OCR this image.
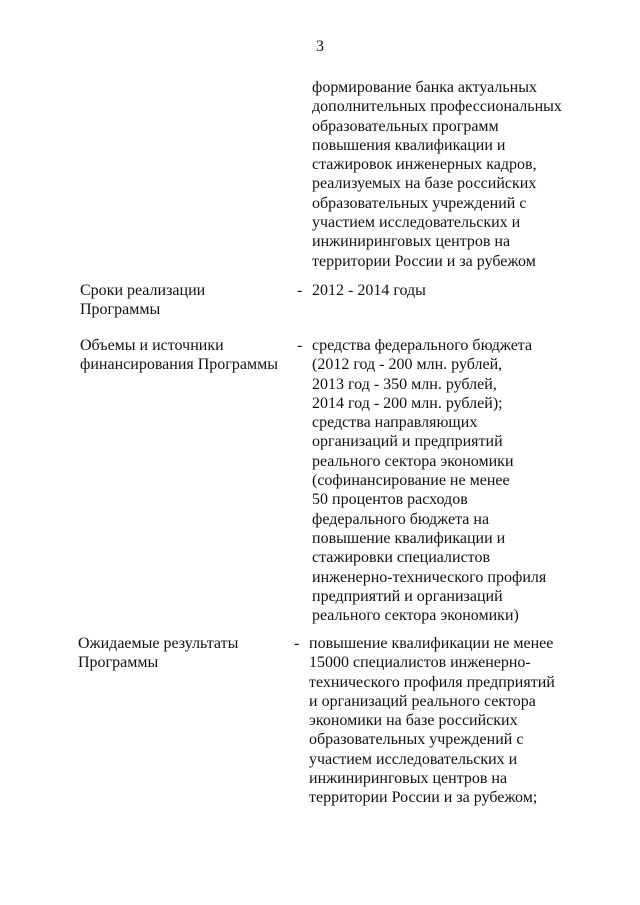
3
формирование банка актуальных
дополнительных профессиональных
образовательных программ
повышения квалификации и
стажировок инженерных кадров,
реализуемых на базе российских
образовательных учреждений с
участием исследовательских и
инжиниринговых центров на
территории России и за рубежом
Сроки реализации
Программы
- 2012 - 2014 годы
Объемы и источники
финансирования Программы
- средства федерального бюджета
(2012 год - 200 млн. рублей,
2013 год - 350 млн. рублей,
2014 год - 200 млн. рублей);
средства направляющих
организаций и предприятий
реального сектора экономики
(софинансирование не менее
50 процентов расходов
федерального бюджета на
повышение квалификации и
стажировки специалистов
инженерно-технического профиля
предприятий и организаций
реального сектора экономики)
Ожидаемые результаты
Программы
- повышение квалификации не менее
15000 специалистов инженерно-
технического профиля предприятий
и организаций реального сектора
экономики на базе российских
образовательных учреждений с
участием исследовательских и
инжиниринговых центров на
территории России и за рубежом;
